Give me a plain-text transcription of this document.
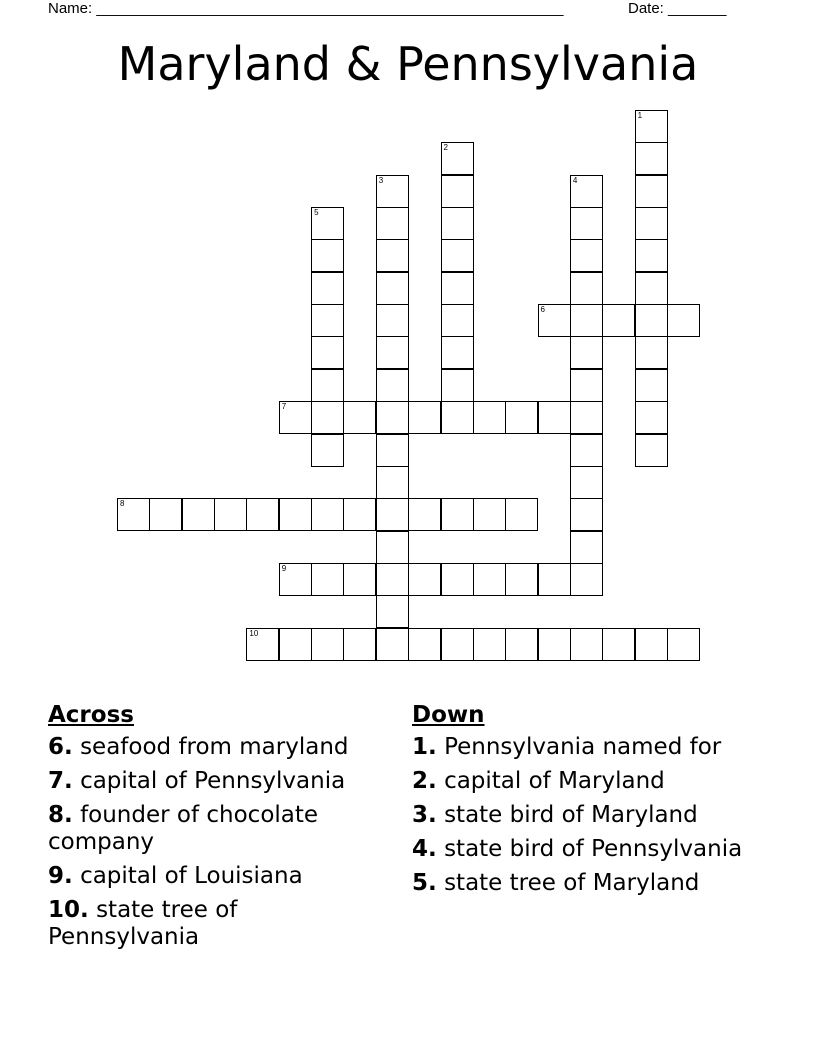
Name: ________________________________________________________	Date: _______
Maryland & Pennsylvania
1
2
3	4
5
6
7
8
9
10
Across
6. seafood from maryland
7. capital of Pennsylvania
8. founder of chocolate company
9. capital of Louisiana
10. state tree of Pennsylvania
Down
1. Pennsylvania named for
2. capital of Maryland
3. state bird of Maryland
4. state bird of Pennsylvania
5. state tree of Maryland
